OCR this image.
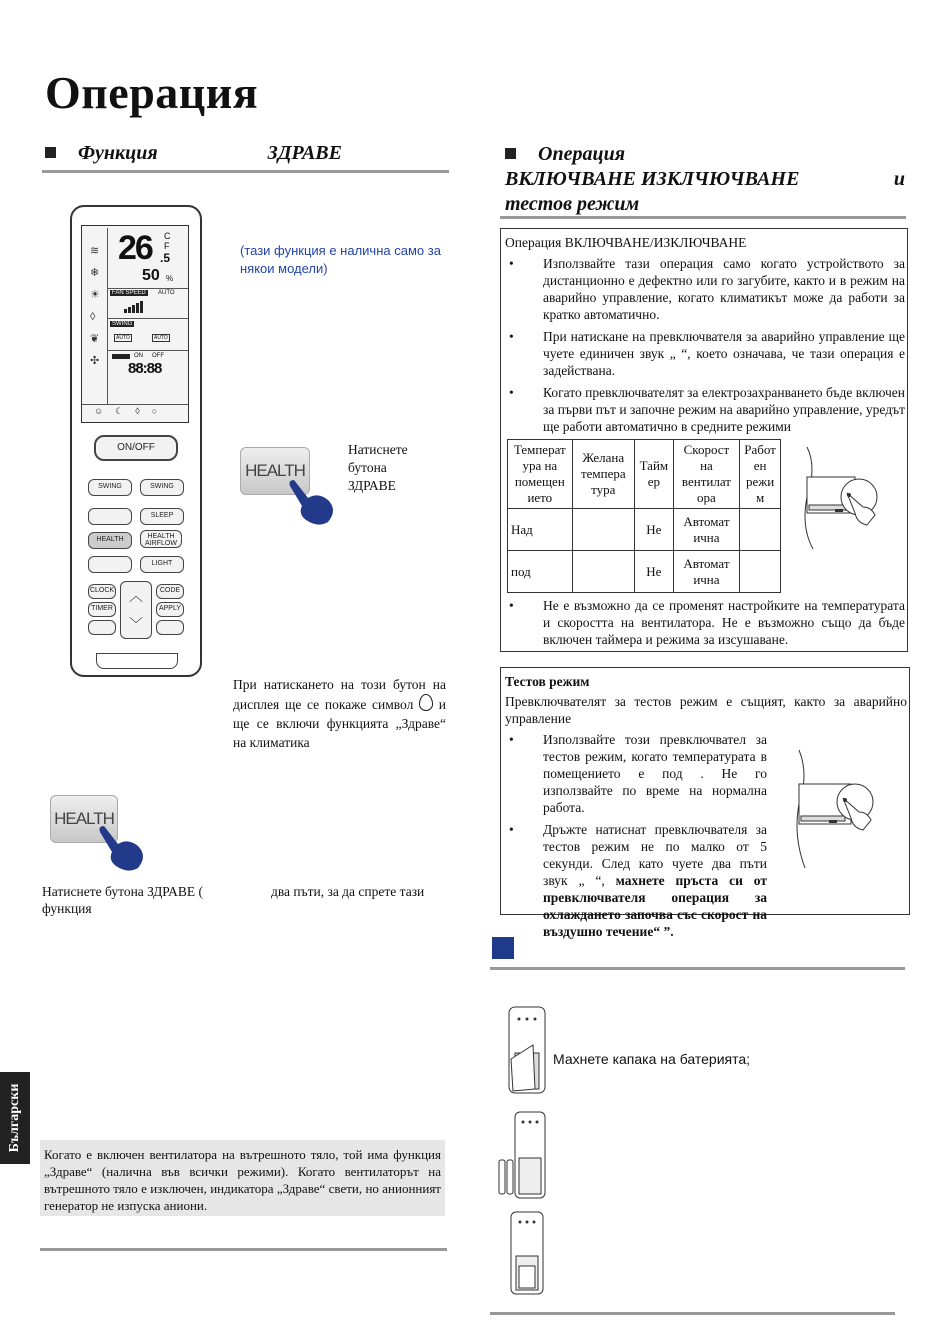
Операция
Функция	ЗДРАВЕ
≋
❄
☀
◊
❦
✣
26 C
F
.5
50 %
FAN SPEED	AUTO
SWING
AUTO	AUTO
ON OFF
88:88
☺☾◊○
ON/OFF
SWING	SWING
SLEEP
HEALTH	HEALTH AIRFLOW
LIGHT
CLOCK	CODE
TIMER	APPLY
︿
﹀
(тази функция е налична само за някои модели)
HEALTH
Натиснете бутона ЗДРАВЕ
При натискането на този бутон на дисплея ще се покаже символ и ще се включи функцията „Здраве“ на климатика
HEALTH
Натиснете бутона ЗДРАВЕ (	два пъти, за да спрете тази функция
Български
Когато е включен вентилатора на вътрешното тяло, той има функция „Здраве“ (налична във всички режими). Когато вентилаторът на вътрешното тяло е изключен, индикатора „Здраве“ свети, но анионният генератор не изпуска аниони.
Операция
ВКЛЮЧВАНЕ ИЗКЛЧЮЧВАНЕ	и
тестов режим
Операция ВКЛЮЧВАНЕ/ИЗКЛЮЧВАНЕ
• Използвайте тази операция само когато устройството за дистанционно е дефектно или го загубите, както и в режим на аварийно управление, когато климатикът може да работи за кратко автоматично.
• При натискане на превключвателя за аварийно управление ще чуете единичен звук „ “, което означава, че тази операция е задействана.
• Когато превключвателят за електрозахранването бъде включен за първи път и започне режим на аварийно управление, уредът ще работи автоматично в средните режими
Температ ура на помещен ието	Желана темпера тура	Тайм ер	Скорост на вентилат ора	Работ ен режи м
Над		Не	Автомат ична	
под		Не	Автомат ична	
• Не е възможно да се променят настройките на температурата и скоростта на вентилатора. Не е възможно също да бъде включен таймера и режима за изсушаване.
Тестов режим
Превключвателят за тестов режим е същият, както за аварийно управление
• Използвайте този превключвател за тестов режим, когато температурата в помещението е под . Не го използвайте по време на нормална работа.
• Дръжте натиснат превключвателя за тестов режим не по малко от 5 секунди. След като чуете два пъти звук „ “, махнете пръста си от превключвателя операция за охлаждането започва със скорост на въздушно течение“ ”.
Махнете капака на батерията;
